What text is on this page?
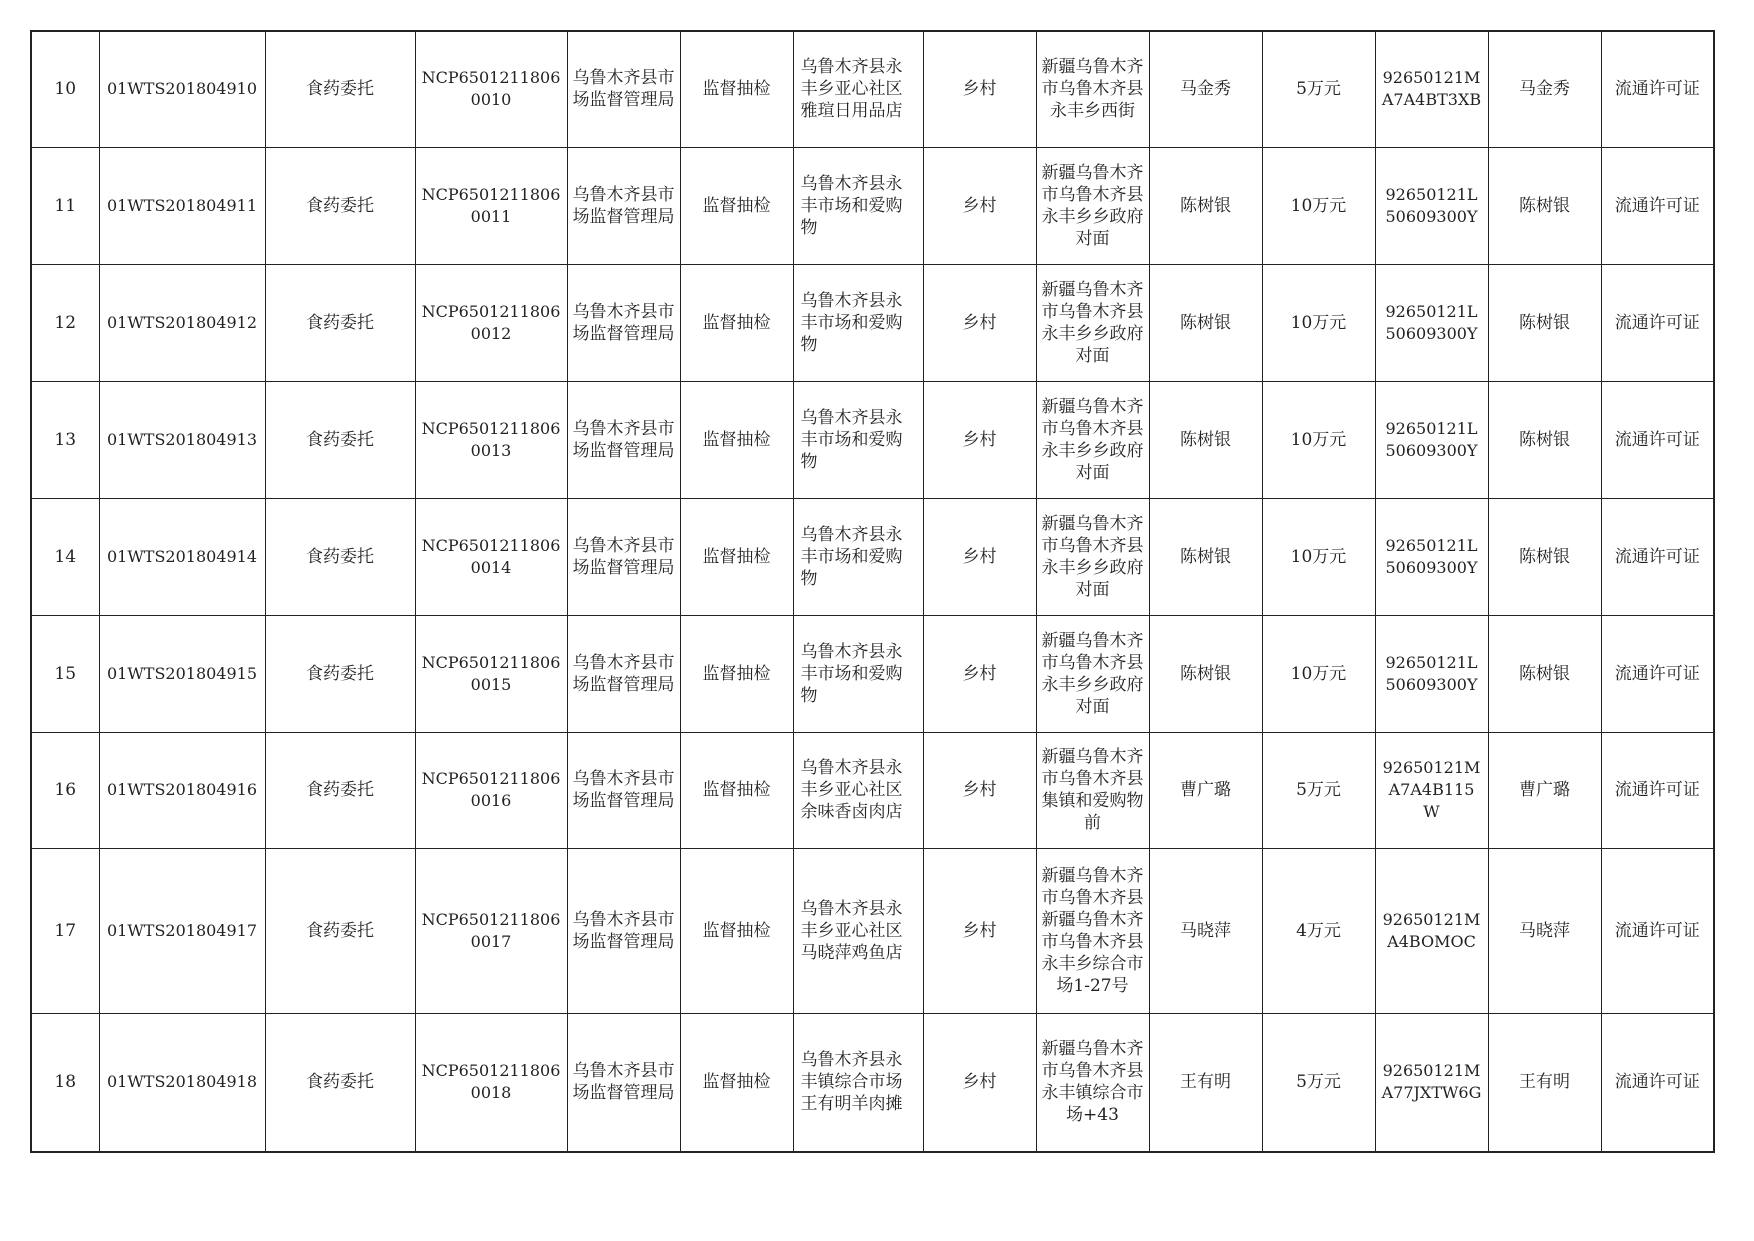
10	01WTS201804910	食药委托	NCP65012118060010	乌鲁木齐县市场监督管理局	监督抽检	乌鲁木齐县永丰乡亚心社区雅瑄日用品店	乡村	新疆乌鲁木齐市乌鲁木齐县永丰乡西街	马金秀	5万元	92650121MA7A4BT3XB	马金秀	流通许可证
11	01WTS201804911	食药委托	NCP65012118060011	乌鲁木齐县市场监督管理局	监督抽检	乌鲁木齐县永丰市场和爱购物	乡村	新疆乌鲁木齐市乌鲁木齐县永丰乡乡政府对面	陈树银	10万元	92650121L50609300Y	陈树银	流通许可证
12	01WTS201804912	食药委托	NCP65012118060012	乌鲁木齐县市场监督管理局	监督抽检	乌鲁木齐县永丰市场和爱购物	乡村	新疆乌鲁木齐市乌鲁木齐县永丰乡乡政府对面	陈树银	10万元	92650121L50609300Y	陈树银	流通许可证
13	01WTS201804913	食药委托	NCP65012118060013	乌鲁木齐县市场监督管理局	监督抽检	乌鲁木齐县永丰市场和爱购物	乡村	新疆乌鲁木齐市乌鲁木齐县永丰乡乡政府对面	陈树银	10万元	92650121L50609300Y	陈树银	流通许可证
14	01WTS201804914	食药委托	NCP65012118060014	乌鲁木齐县市场监督管理局	监督抽检	乌鲁木齐县永丰市场和爱购物	乡村	新疆乌鲁木齐市乌鲁木齐县永丰乡乡政府对面	陈树银	10万元	92650121L50609300Y	陈树银	流通许可证
15	01WTS201804915	食药委托	NCP65012118060015	乌鲁木齐县市场监督管理局	监督抽检	乌鲁木齐县永丰市场和爱购物	乡村	新疆乌鲁木齐市乌鲁木齐县永丰乡乡政府对面	陈树银	10万元	92650121L50609300Y	陈树银	流通许可证
16	01WTS201804916	食药委托	NCP65012118060016	乌鲁木齐县市场监督管理局	监督抽检	乌鲁木齐县永丰乡亚心社区余味香卤肉店	乡村	新疆乌鲁木齐市乌鲁木齐县集镇和爱购物前	曹广璐	5万元	92650121MA7A4B115W	曹广璐	流通许可证
17	01WTS201804917	食药委托	NCP65012118060017	乌鲁木齐县市场监督管理局	监督抽检	乌鲁木齐县永丰乡亚心社区马晓萍鸡鱼店	乡村	新疆乌鲁木齐市乌鲁木齐县新疆乌鲁木齐市乌鲁木齐县永丰乡综合市场1-27号	马晓萍	4万元	92650121MA4BOMOC	马晓萍	流通许可证
18	01WTS201804918	食药委托	NCP65012118060018	乌鲁木齐县市场监督管理局	监督抽检	乌鲁木齐县永丰镇综合市场王有明羊肉摊	乡村	新疆乌鲁木齐市乌鲁木齐县永丰镇综合市场+43	王有明	5万元	92650121MA77JXTW6G	王有明	流通许可证
